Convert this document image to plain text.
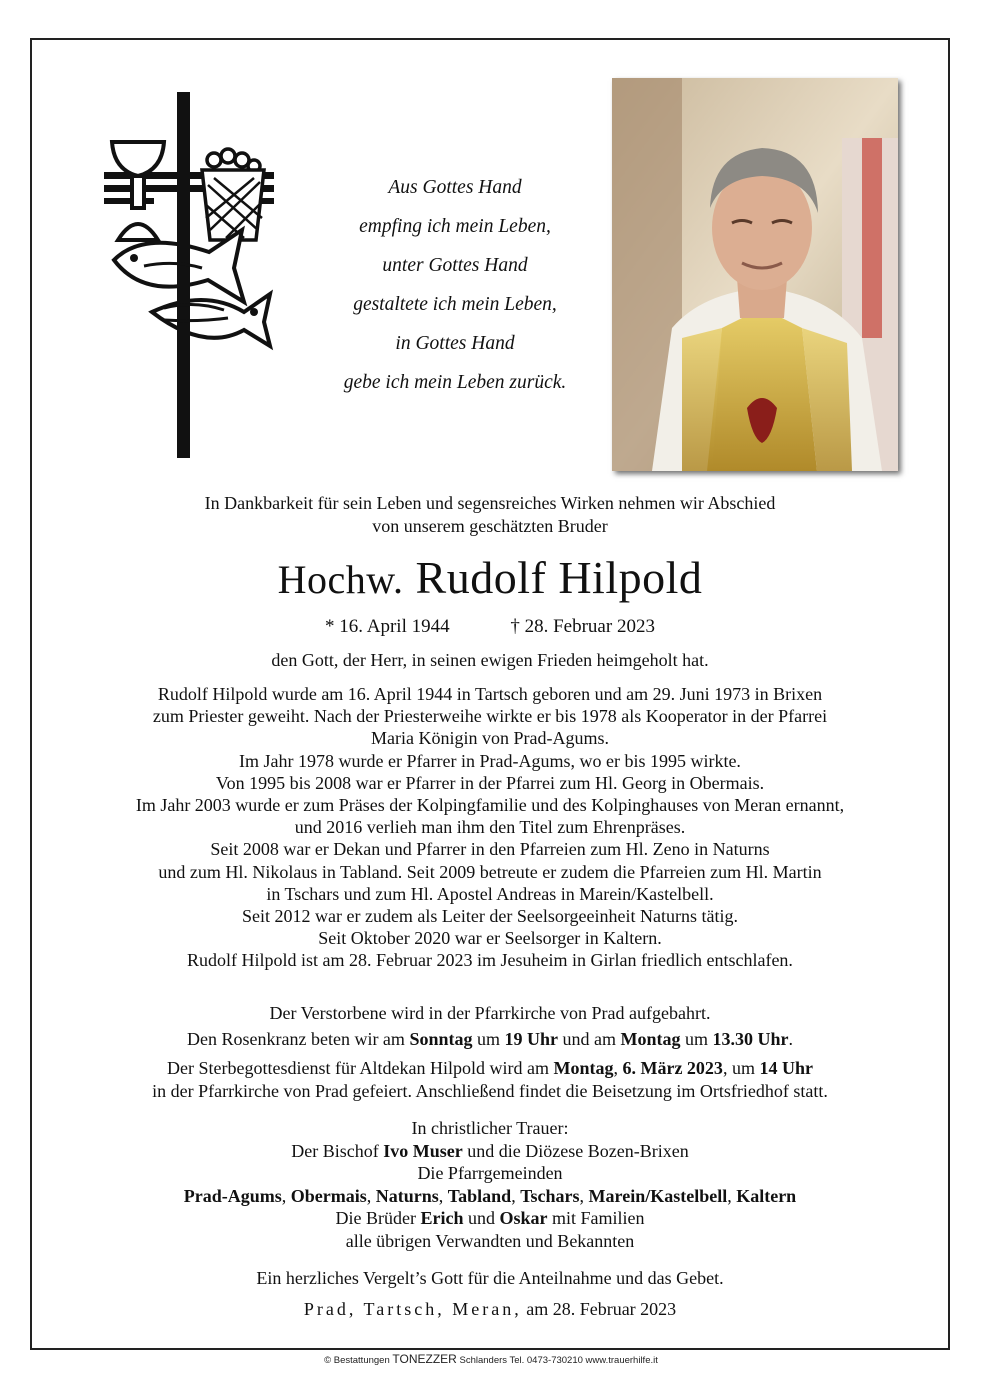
Aus Gottes Hand
empfing ich mein Leben,
unter Gottes Hand
gestaltete ich mein Leben,
in Gottes Hand
gebe ich mein Leben zurück.
In Dankbarkeit für sein Leben und segensreiches Wirken nehmen wir Abschied
von unserem geschätzten Bruder
Hochw. Rudolf Hilpold
* 16. April 1944	† 28. Februar 2023
den Gott, der Herr, in seinen ewigen Frieden heimgeholt hat.
Rudolf Hilpold wurde am 16. April 1944 in Tartsch geboren und am 29. Juni 1973 in Brixen
zum Priester geweiht. Nach der Priesterweihe wirkte er bis 1978 als Kooperator in der Pfarrei
Maria Königin von Prad-Agums.
Im Jahr 1978 wurde er Pfarrer in Prad-Agums, wo er bis 1995 wirkte.
Von 1995 bis 2008 war er Pfarrer in der Pfarrei zum Hl. Georg in Obermais.
Im Jahr 2003 wurde er zum Präses der Kolpingfamilie und des Kolpinghauses von Meran ernannt,
und 2016 verlieh man ihm den Titel zum Ehrenpräses.
Seit 2008 war er Dekan und Pfarrer in den Pfarreien zum Hl. Zeno in Naturns
und zum Hl. Nikolaus in Tabland. Seit 2009 betreute er zudem die Pfarreien zum Hl. Martin
in Tschars und zum Hl. Apostel Andreas in Marein/Kastelbell.
Seit 2012 war er zudem als Leiter der Seelsorgeeinheit Naturns tätig.
Seit Oktober 2020 war er Seelsorger in Kaltern.
Rudolf Hilpold ist am 28. Februar 2023 im Jesuheim in Girlan friedlich entschlafen.
Der Verstorbene wird in der Pfarrkirche von Prad aufgebahrt.
Den Rosenkranz beten wir am Sonntag um 19 Uhr und am Montag um 13.30 Uhr.
Der Sterbegottesdienst für Altdekan Hilpold wird am Montag, 6. März 2023, um 14 Uhr
in der Pfarrkirche von Prad gefeiert. Anschließend findet die Beisetzung im Ortsfriedhof statt.
In christlicher Trauer:
Der Bischof Ivo Muser und die Diözese Bozen-Brixen
Die Pfarrgemeinden
Prad-Agums, Obermais, Naturns, Tabland, Tschars, Marein/Kastelbell, Kaltern
Die Brüder Erich und Oskar mit Familien
alle übrigen Verwandten und Bekannten
Ein herzliches Vergelt’s Gott für die Anteilnahme und das Gebet.
Prad, Tartsch, Meran, am 28. Februar 2023
© Bestattungen TONEZZER Schlanders Tel. 0473-730210 www.trauerhilfe.it
